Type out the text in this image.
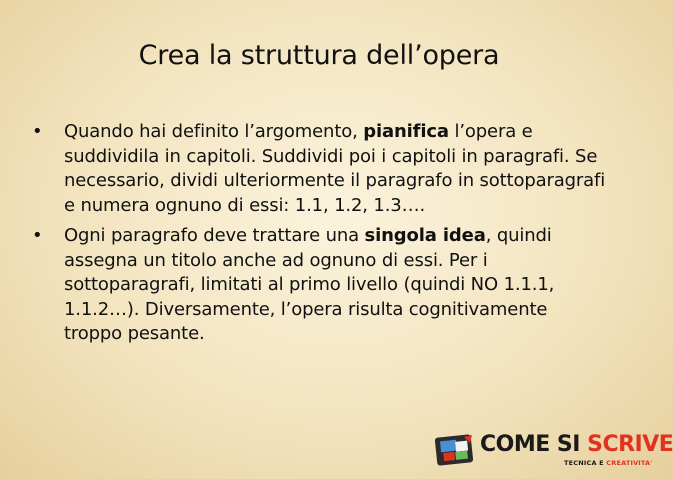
Crea la struttura dell’opera
• Quando hai definito l’argomento, pianifica l’opera e suddividila in capitoli. Suddividi poi i capitoli in paragrafi. Se necessario, dividi ulteriormente il paragrafo in sottoparagrafi e numera ognuno di essi: 1.1, 1.2, 1.3….
• Ogni paragrafo deve trattare una singola idea, quindi assegna un titolo anche ad ognuno di essi. Per i sottoparagrafi, limitati al primo livello (quindi NO 1.1.1, 1.1.2…). Diversamente, l’opera risulta cognitivamente troppo pesante.
COME SI SCRIVE
TECNICA E CREATIVITA'
